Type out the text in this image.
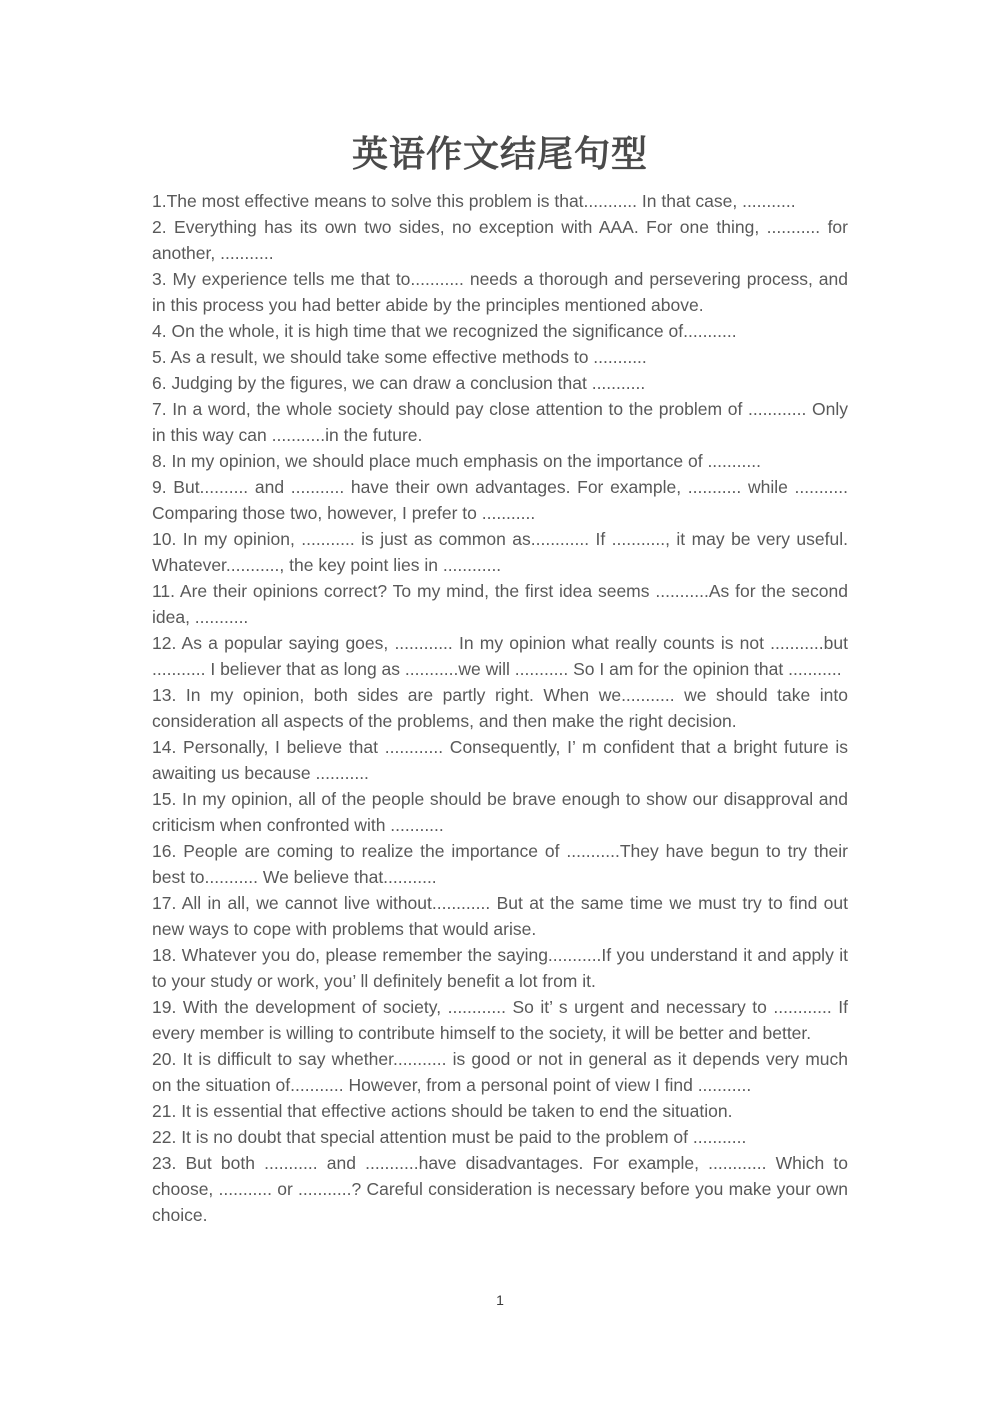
英语作文结尾句型

1.The most effective means to solve this problem is that........... In that case, ...........

2. Everything has its own two sides, no exception with AAA. For one thing, ........... for another, ...........

3. My experience tells me that to........... needs a thorough and persevering process, and in this process you had better abide by the principles mentioned above.

4. On the whole, it is high time that we recognized the significance of...........

5. As a result, we should take some effective methods to ...........

6. Judging by the figures, we can draw a conclusion that ...........

7. In a word, the whole society should pay close attention to the problem of ............ Only in this way can ...........in the future.

8. In my opinion, we should place much emphasis on the importance of ...........

9. But.......... and ........... have their own advantages. For example, ........... while ........... Comparing those two, however, I prefer to ...........

10. In my opinion, ........... is just as common as............ If ..........., it may be very useful. Whatever..........., the key point lies in ............

11. Are their opinions correct? To my mind, the first idea seems ...........As for the second idea, ...........

12. As a popular saying goes, ............ In my opinion what really counts is not ...........but ........... I believer that as long as ...........we will ........... So I am for the opinion that ...........

13. In my opinion, both sides are partly right. When we........... we should take into consideration all aspects of the problems, and then make the right decision.

14. Personally, I believe that ............ Consequently, I’ m confident that a bright future is awaiting us because ...........

15. In my opinion, all of the people should be brave enough to show our disapproval and criticism when confronted with ...........

16. People are coming to realize the importance of ...........They have begun to try their best to........... We believe that...........

17. All in all, we cannot live without............ But at the same time we must try to find out new ways to cope with problems that would arise.

18. Whatever you do, please remember the saying...........If you understand it and apply it to your study or work, you’ ll definitely benefit a lot from it.

19. With the development of society, ............ So it’ s urgent and necessary to ............ If every member is willing to contribute himself to the society, it will be better and better.

20. It is difficult to say whether........... is good or not in general as it depends very much on the situation of........... However, from a personal point of view I find ...........

21. It is essential that effective actions should be taken to end the situation.

22. It is no doubt that special attention must be paid to the problem of ...........

23. But both ........... and ...........have disadvantages. For example, ............ Which to choose, ........... or ...........? Careful consideration is necessary before you make your own choice.

1
